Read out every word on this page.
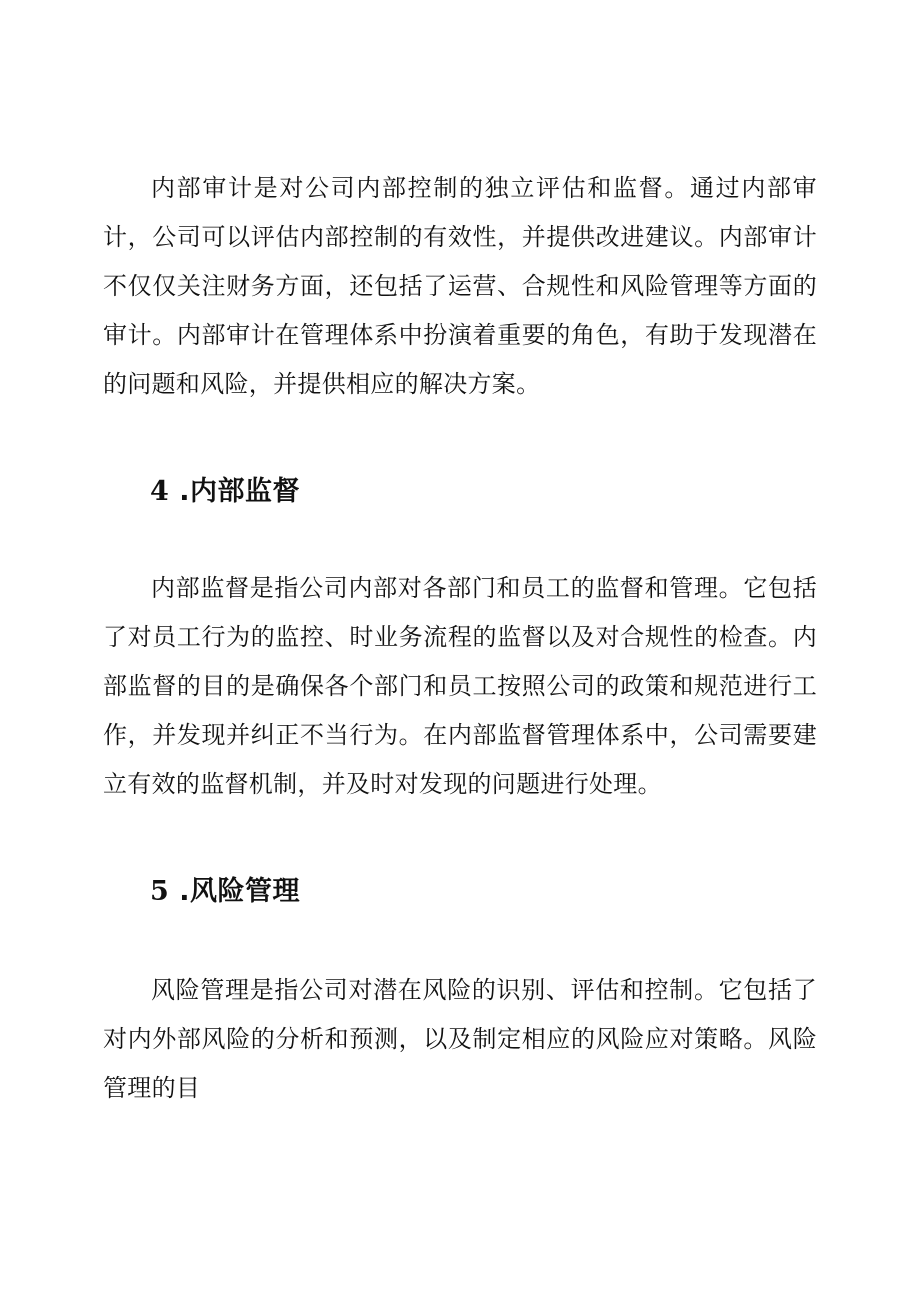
内部审计是对公司内部控制的独立评估和监督。通过内部审计，公司可以评估内部控制的有效性，并提供改进建议。内部审计不仅仅关注财务方面，还包括了运营、合规性和风险管理等方面的审计。内部审计在管理体系中扮演着重要的角色，有助于发现潜在的问题和风险，并提供相应的解决方案。

4 .内部监督

内部监督是指公司内部对各部门和员工的监督和管理。它包括了对员工行为的监控、时业务流程的监督以及对合规性的检查。内部监督的目的是确保各个部门和员工按照公司的政策和规范进行工作，并发现并纠正不当行为。在内部监督管理体系中，公司需要建立有效的监督机制，并及时对发现的问题进行处理。

5 .风险管理

风险管理是指公司对潜在风险的识别、评估和控制。它包括了对内外部风险的分析和预测，以及制定相应的风险应对策略。风险管理的目
